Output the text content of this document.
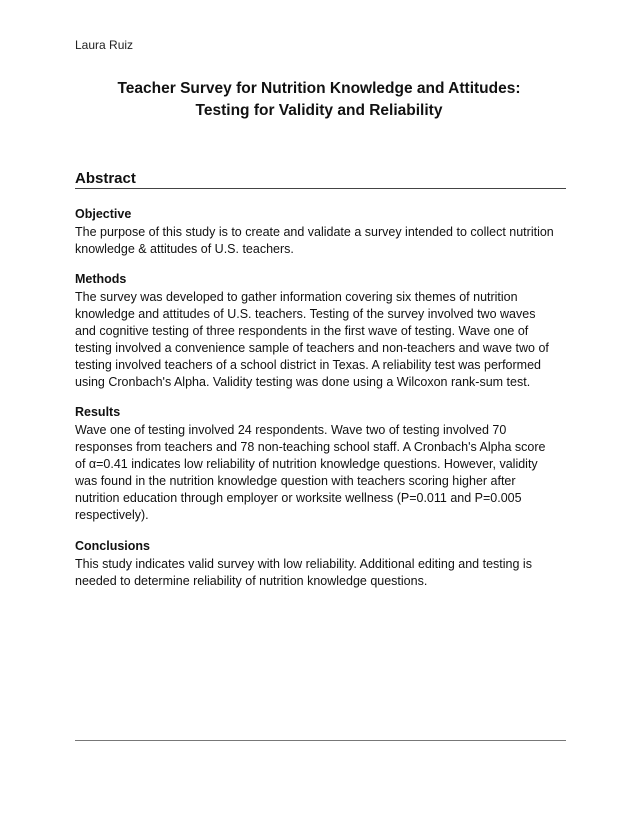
Laura Ruiz
Teacher Survey for Nutrition Knowledge and Attitudes:
Testing for Validity and Reliability
Abstract
Objective

The purpose of this study is to create and validate a survey intended to collect nutrition
knowledge & attitudes of U.S. teachers.

Methods

The survey was developed to gather information covering six themes of nutrition
knowledge and attitudes of U.S. teachers. Testing of the survey involved two waves
and cognitive testing of three respondents in the first wave of testing. Wave one of
testing involved a convenience sample of teachers and non-teachers and wave two of
testing involved teachers of a school district in Texas. A reliability test was performed
using Cronbach's Alpha. Validity testing was done using a Wilcoxon rank-sum test.

Results

Wave one of testing involved 24 respondents. Wave two of testing involved 70
responses from teachers and 78 non-teaching school staff. A Cronbach's Alpha score
of α=0.41 indicates low reliability of nutrition knowledge questions. However, validity
was found in the nutrition knowledge question with teachers scoring higher after
nutrition education through employer or worksite wellness (P=0.011 and P=0.005
respectively).

Conclusions

This study indicates valid survey with low reliability. Additional editing and testing is
needed to determine reliability of nutrition knowledge questions.
